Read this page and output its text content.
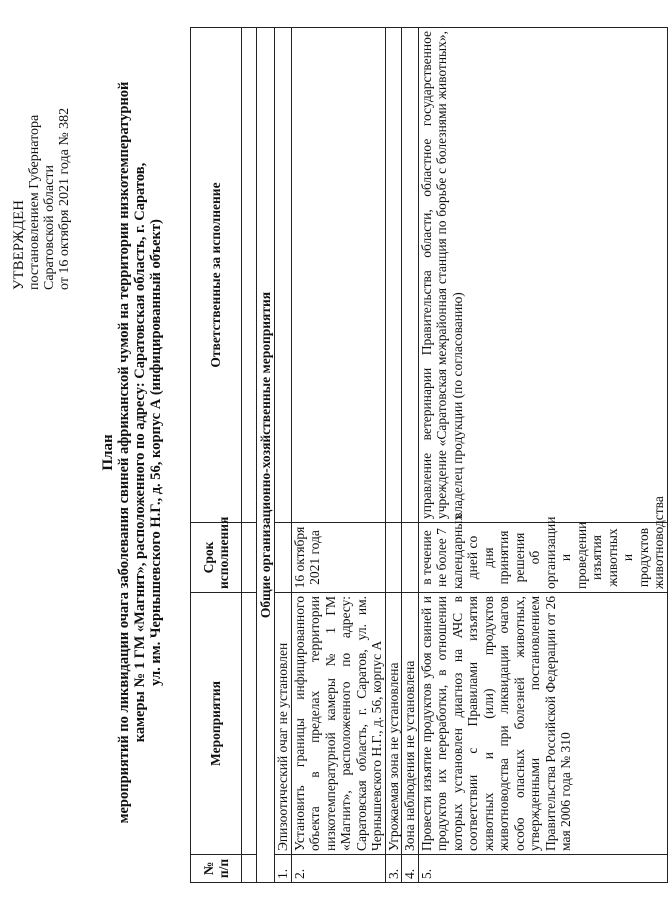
УТВЕРЖДЕН постановлением Губернатора Саратовской области от 16 октября 2021 года № 382
План мероприятий по ликвидации очага заболевания свиней африканской чумой на территории низкотемпературной камеры № 1 ГМ «Магнит», расположенного по адресу: Саратовская область, г. Саратов, ул. им. Чернышевского Н.Г., д. 56, корпус А (инфицированный объект)
№ п/п	Мероприятия	Срок исполнения	Ответственные за исполнение

Общие организационно-хозяйственные мероприятия			
1.	Эпизоотический очаг не установлен		
2.	Установить границы инфицированного объекта в пределах территории низкотемпературной камеры № 1 ГМ «Магнит», расположенного по адресу: Саратовская область, г. Саратов, ул. им. Чернышевского Н.Г., д. 56, корпус А	16 октября 2021 года	
3.	Угрожаемая зона не установлена		
4.	Зона наблюдения не установлена		
5.	Провести изъятие продуктов убоя свиней и продуктов их переработки, в отношении которых установлен диагноз на АЧС в соответствии с Правилами изъятия животных и (или) продуктов животноводства при ликвидации очагов особо опасных болезней животных, утвержденными постановлением Правительства Российской Федерации от 26 мая 2006 года № 310	в течение не более 7 календарных дней со дня принятия решения об организации и проведении изъятия животных и продуктов животноводства	управление ветеринарии Правительства области, областное государственное учреждение «Саратовская межрайонная станция по борьбе с болезнями животных», владелец продукции (по согласованию)
